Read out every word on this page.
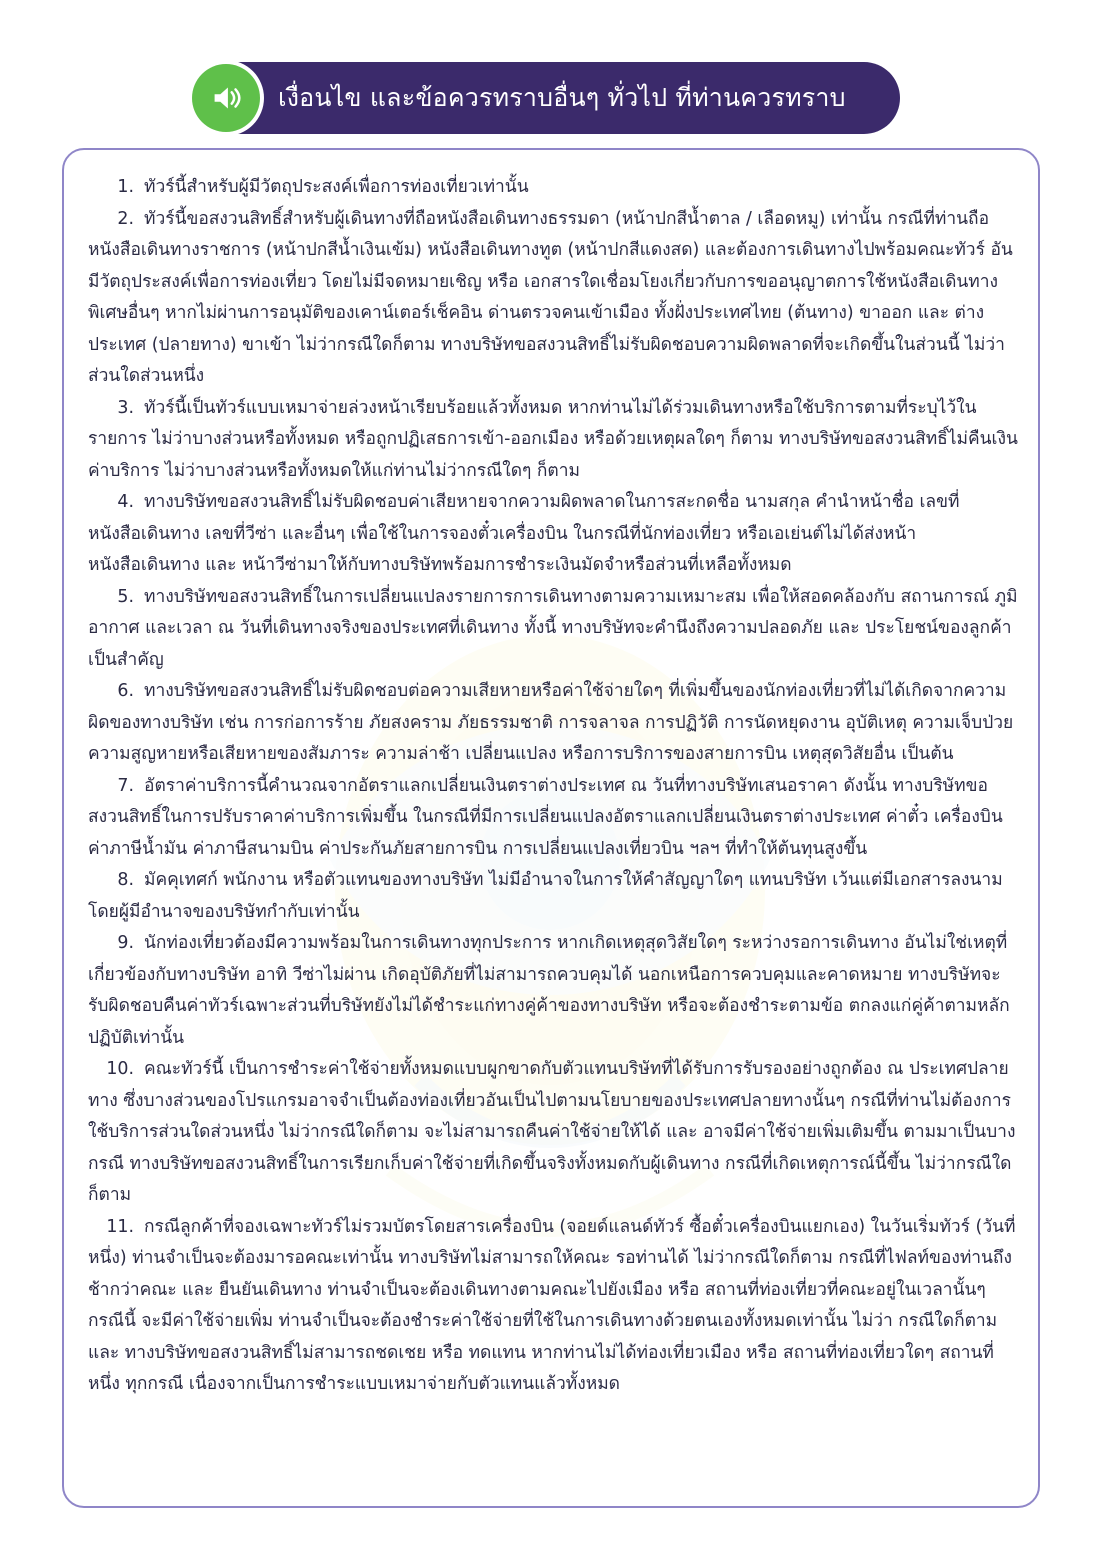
เงื่อนไข และข้อควรทราบอื่นๆ ทั่วไป ที่ท่านควรทราบ
ทัวร์นี้สำหรับผู้มีวัตถุประสงค์เพื่อการท่องเที่ยวเท่านั้น
ทัวร์นี้ขอสงวนสิทธิ์สำหรับผู้เดินทางที่ถือหนังสือเดินทางธรรมดา (หน้าปกสีน้ำตาล / เลือดหมู) เท่านั้น กรณีที่ท่านถือหนังสือเดินทางราชการ (หน้าปกสีน้ำเงินเข้ม) หนังสือเดินทางทูต (หน้าปกสีแดงสด) และต้องการเดินทางไปพร้อมคณะทัวร์ อันมีวัตถุประสงค์เพื่อการท่องเที่ยว โดยไม่มีจดหมายเชิญ หรือ เอกสารใดเชื่อมโยงเกี่ยวกับการขออนุญาตการใช้หนังสือเดินทางพิเศษอื่นๆ หากไม่ผ่านการอนุมัติของเคาน์เตอร์เช็คอิน ด่านตรวจคนเข้าเมือง ทั้งฝั่งประเทศไทย (ต้นทาง) ขาออก และ ต่างประเทศ (ปลายทาง) ขาเข้า ไม่ว่ากรณีใดก็ตาม ทางบริษัทขอสงวนสิทธิ์ไม่รับผิดชอบความผิดพลาดที่จะเกิดขึ้นในส่วนนี้ ไม่ว่าส่วนใดส่วนหนึ่ง
ทัวร์นี้เป็นทัวร์แบบเหมาจ่ายล่วงหน้าเรียบร้อยแล้วทั้งหมด หากท่านไม่ได้ร่วมเดินทางหรือใช้บริการตามที่ระบุไว้ในรายการ ไม่ว่าบางส่วนหรือทั้งหมด หรือถูกปฏิเสธการเข้า-ออกเมือง หรือด้วยเหตุผลใดๆ ก็ตาม ทางบริษัทขอสงวนสิทธิ์ไม่คืนเงินค่าบริการ ไม่ว่าบางส่วนหรือทั้งหมดให้แก่ท่านไม่ว่ากรณีใดๆ ก็ตาม
ทางบริษัทขอสงวนสิทธิ์ไม่รับผิดชอบค่าเสียหายจากความผิดพลาดในการสะกดชื่อ นามสกุล คำนำหน้าชื่อ เลขที่หนังสือเดินทาง เลขที่วีซ่า และอื่นๆ เพื่อใช้ในการจองตั๋วเครื่องบิน ในกรณีที่นักท่องเที่ยว หรือเอเย่นต์ไม่ได้ส่งหน้าหนังสือเดินทาง และ หน้าวีซ่ามาให้กับทางบริษัทพร้อมการชำระเงินมัดจำหรือส่วนที่เหลือทั้งหมด
ทางบริษัทขอสงวนสิทธิ์ในการเปลี่ยนแปลงรายการการเดินทางตามความเหมาะสม เพื่อให้สอดคล้องกับ สถานการณ์ ภูมิอากาศ และเวลา ณ วันที่เดินทางจริงของประเทศที่เดินทาง ทั้งนี้ ทางบริษัทจะคำนึงถึงความปลอดภัย และ ประโยชน์ของลูกค้าเป็นสำคัญ
ทางบริษัทขอสงวนสิทธิ์ไม่รับผิดชอบต่อความเสียหายหรือค่าใช้จ่ายใดๆ ที่เพิ่มขึ้นของนักท่องเที่ยวที่ไม่ได้เกิดจากความผิดของทางบริษัท เช่น การก่อการร้าย ภัยสงคราม ภัยธรรมชาติ การจลาจล การปฏิวัติ การนัดหยุดงาน อุบัติเหตุ ความเจ็บป่วย ความสูญหายหรือเสียหายของสัมภาระ ความล่าช้า เปลี่ยนแปลง หรือการบริการของสายการบิน เหตุสุดวิสัยอื่น เป็นต้น
อัตราค่าบริการนี้คำนวณจากอัตราแลกเปลี่ยนเงินตราต่างประเทศ ณ วันที่ทางบริษัทเสนอราคา ดังนั้น ทางบริษัทขอสงวนสิทธิ์ในการปรับราคาค่าบริการเพิ่มขึ้น ในกรณีที่มีการเปลี่ยนแปลงอัตราแลกเปลี่ยนเงินตราต่างประเทศ ค่าตั๋ว เครื่องบิน ค่าภาษีน้ำมัน ค่าภาษีสนามบิน ค่าประกันภัยสายการบิน การเปลี่ยนแปลงเที่ยวบิน ฯลฯ ที่ทำให้ต้นทุนสูงขึ้น
มัคคุเทศก์ พนักงาน หรือตัวแทนของทางบริษัท ไม่มีอำนาจในการให้คำสัญญาใดๆ แทนบริษัท เว้นแต่มีเอกสารลงนามโดยผู้มีอำนาจของบริษัทกำกับเท่านั้น
นักท่องเที่ยวต้องมีความพร้อมในการเดินทางทุกประการ หากเกิดเหตุสุดวิสัยใดๆ ระหว่างรอการเดินทาง อันไม่ใช่เหตุที่เกี่ยวข้องกับทางบริษัท อาทิ วีซ่าไม่ผ่าน เกิดอุบัติภัยที่ไม่สามารถควบคุมได้ นอกเหนือการควบคุมและคาดหมาย ทางบริษัทจะรับผิดชอบคืนค่าทัวร์เฉพาะส่วนที่บริษัทยังไม่ได้ชำระแก่ทางคู่ค้าของทางบริษัท หรือจะต้องชำระตามข้อ ตกลงแก่คู่ค้าตามหลักปฏิบัติเท่านั้น
คณะทัวร์นี้ เป็นการชำระค่าใช้จ่ายทั้งหมดแบบผูกขาดกับตัวแทนบริษัทที่ได้รับการรับรองอย่างถูกต้อง ณ ประเทศปลายทาง ซึ่งบางส่วนของโปรแกรมอาจจำเป็นต้องท่องเที่ยวอันเป็นไปตามนโยบายของประเทศปลายทางนั้นๆ กรณีที่ท่านไม่ต้องการใช้บริการส่วนใดส่วนหนึ่ง ไม่ว่ากรณีใดก็ตาม จะไม่สามารถคืนค่าใช้จ่ายให้ได้ และ อาจมีค่าใช้จ่ายเพิ่มเติมขึ้น ตามมาเป็นบางกรณี ทางบริษัทขอสงวนสิทธิ์ในการเรียกเก็บค่าใช้จ่ายที่เกิดขึ้นจริงทั้งหมดกับผู้เดินทาง กรณีที่เกิดเหตุการณ์นี้ขึ้น ไม่ว่ากรณีใดก็ตาม
กรณีลูกค้าที่จองเฉพาะทัวร์ไม่รวมบัตรโดยสารเครื่องบิน (จอยด์แลนด์ทัวร์ ซื้อตั๋วเครื่องบินแยกเอง) ในวันเริ่มทัวร์ (วันที่หนึ่ง) ท่านจำเป็นจะต้องมารอคณะเท่านั้น ทางบริษัทไม่สามารถให้คณะ รอท่านได้ ไม่ว่ากรณีใดก็ตาม กรณีที่ไฟลท์ของท่านถึงช้ากว่าคณะ และ ยืนยันเดินทาง ท่านจำเป็นจะต้องเดินทางตามคณะไปยังเมือง หรือ สถานที่ท่องเที่ยวที่คณะอยู่ในเวลานั้นๆ กรณีนี้ จะมีค่าใช้จ่ายเพิ่ม ท่านจำเป็นจะต้องชำระค่าใช้จ่ายที่ใช้ในการเดินทางด้วยตนเองทั้งหมดเท่านั้น ไม่ว่า กรณีใดก็ตาม และ ทางบริษัทขอสงวนสิทธิ์ไม่สามารถชดเชย หรือ ทดแทน หากท่านไม่ได้ท่องเที่ยวเมือง หรือ สถานที่ท่องเที่ยวใดๆ สถานที่หนึ่ง ทุกกรณี เนื่องจากเป็นการชำระแบบเหมาจ่ายกับตัวแทนแล้วทั้งหมด
